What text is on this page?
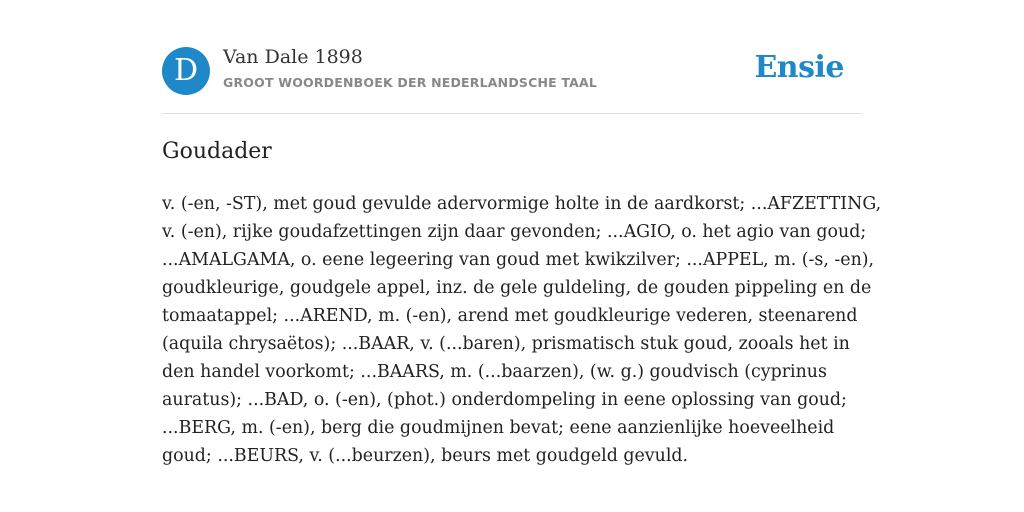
D	Van Dale 1898
GROOT WOORDENBOEK DER NEDERLANDSCHE TAAL	Ensie
Goudader
v. (-en, -ST), met goud gevulde adervormige holte in de aardkorst; ...AFZETTING,
v. (-en), rijke goudafzettingen zijn daar gevonden; ...AGIO, o. het agio van goud;
...AMALGAMA, o. eene legeering van goud met kwikzilver; ...APPEL, m. (-s, -en),
goudkleurige, goudgele appel, inz. de gele guldeling, de gouden pippeling en de
tomaatappel; ...AREND, m. (-en), arend met goudkleurige vederen, steenarend
(aquila chrysaëtos); ...BAAR, v. (...baren), prismatisch stuk goud, zooals het in
den handel voorkomt; ...BAARS, m. (...baarzen), (w. g.) goudvisch (cyprinus
auratus); ...BAD, o. (-en), (phot.) onderdompeling in eene oplossing van goud;
...BERG, m. (-en), berg die goudmijnen bevat; eene aanzienlijke hoeveelheid
goud; ...BEURS, v. (...beurzen), beurs met goudgeld gevuld.
